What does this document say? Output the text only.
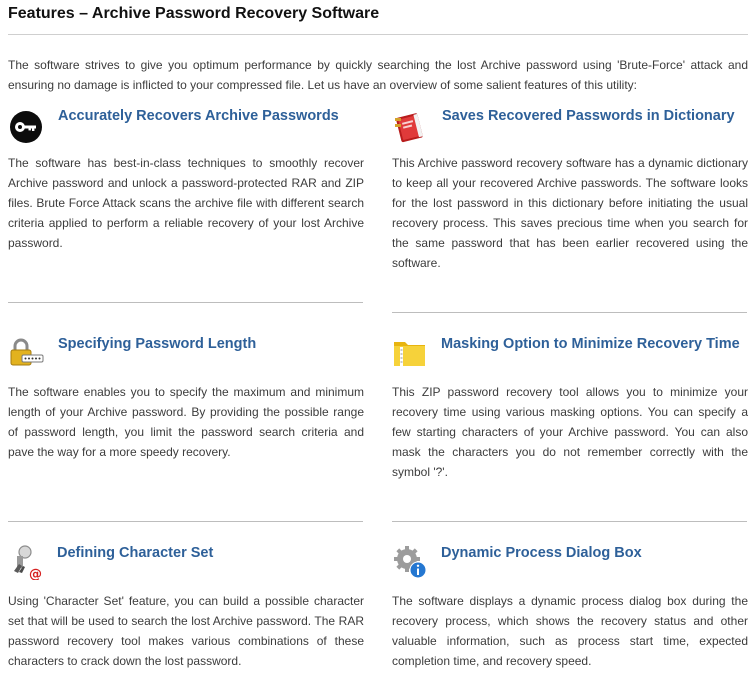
Features – Archive Password Recovery Software

The software strives to give you optimum performance by quickly searching the lost Archive password using 'Brute-Force' attack and ensuring no damage is inflicted to your compressed file. Let us have an overview of some salient features of this utility:

Accurately Recovers Archive Passwords

The software has best-in-class techniques to smoothly recover Archive password and unlock a password-protected RAR and ZIP files. Brute Force Attack scans the archive file with different search criteria applied to perform a reliable recovery of your lost Archive password.

Saves Recovered Passwords in Dictionary

This Archive password recovery software has a dynamic dictionary to keep all your recovered Archive passwords. The software looks for the lost password in this dictionary before initiating the usual recovery process. This saves precious time when you search for the same password that has been earlier recovered using the software.

Specifying Password Length

The software enables you to specify the maximum and minimum length of your Archive password. By providing the possible range of password length, you limit the password search criteria and pave the way for a more speedy recovery.

Masking Option to Minimize Recovery Time

This ZIP password recovery tool allows you to minimize your recovery time using various masking options. You can specify a few starting characters of your Archive password. You can also mask the characters you do not remember correctly with the symbol '?'.

@
Defining Character Set

Using 'Character Set' feature, you can build a possible character set that will be used to search the lost Archive password. The RAR password recovery tool makes various combinations of these characters to crack down the lost password.

Dynamic Process Dialog Box

The software displays a dynamic process dialog box during the recovery process, which shows the recovery status and other valuable information, such as process start time, expected completion time, and recovery speed.
